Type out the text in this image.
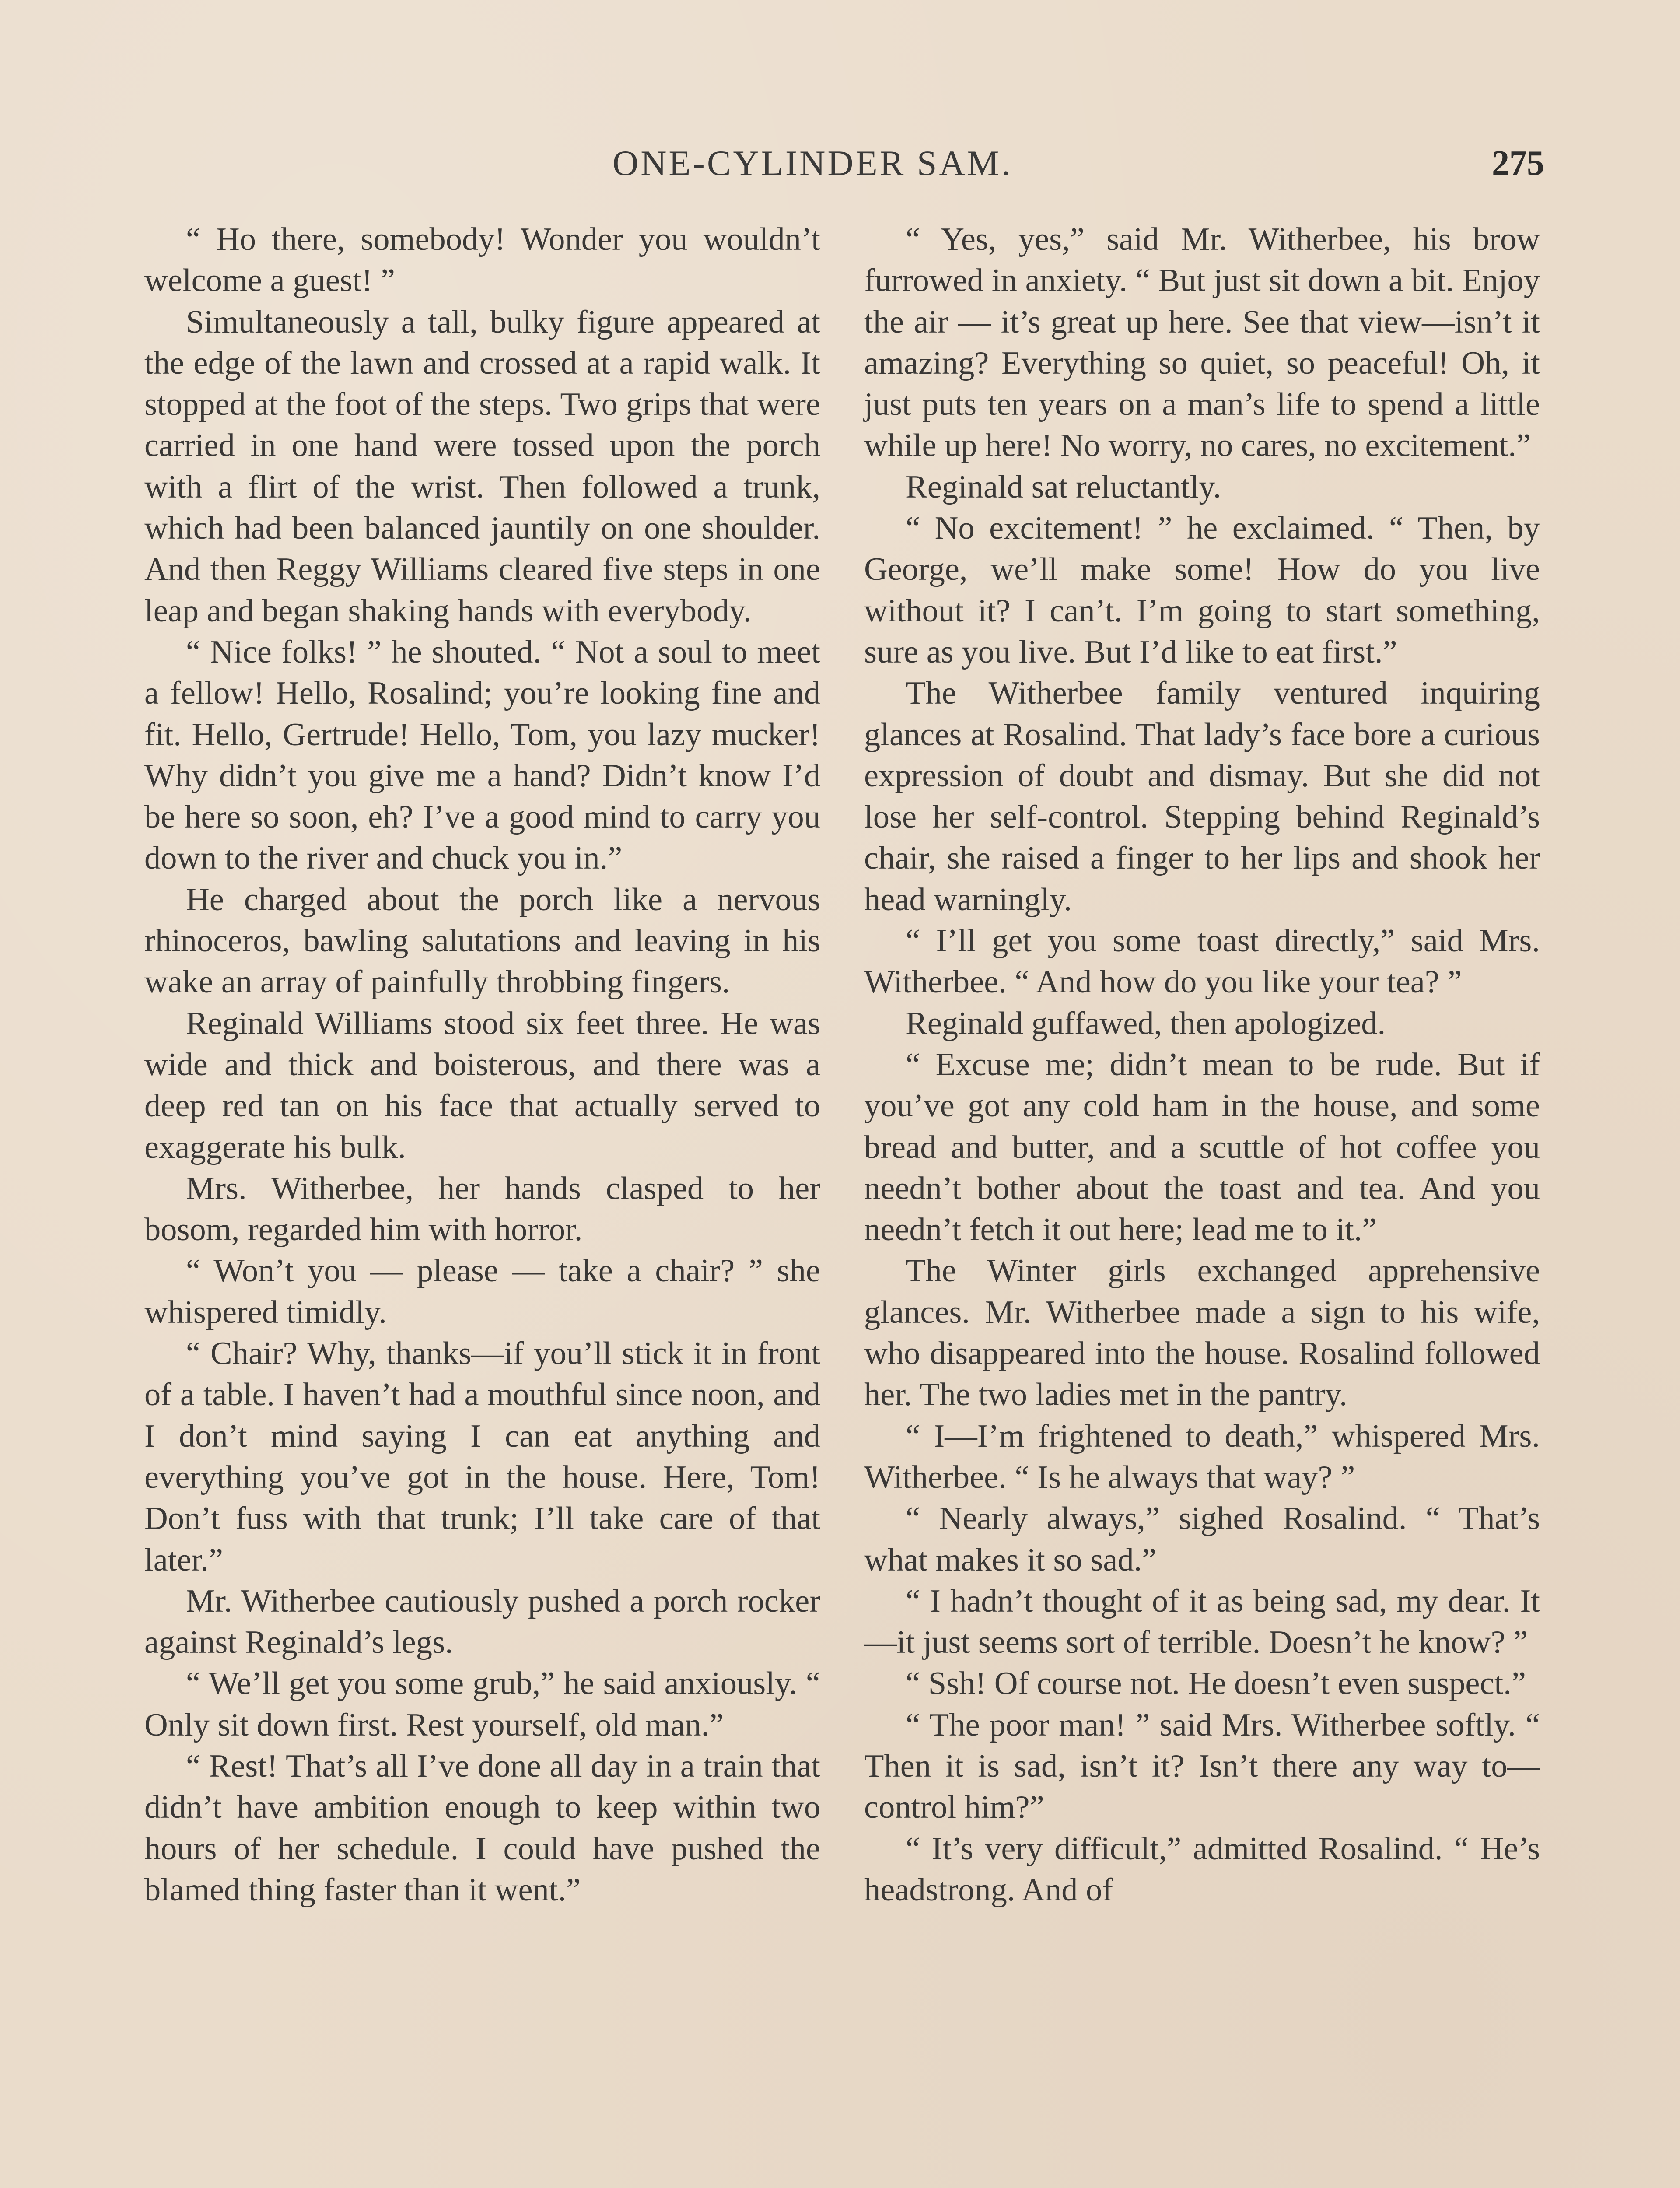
ONE-CYLINDER SAM.	275

“ Ho there, somebody! Wonder you wouldn’t welcome a guest! ”

Simultaneously a tall, bulky figure appeared at the edge of the lawn and crossed at a rapid walk. It stopped at the foot of the steps. Two grips that were carried in one hand were tossed upon the porch with a flirt of the wrist. Then followed a trunk, which had been balanced jauntily on one shoulder. And then Reggy Williams cleared five steps in one leap and began shaking hands with everybody.

“ Nice folks! ” he shouted. “ Not a soul to meet a fellow! Hello, Rosalind; you’re looking fine and fit. Hello, Gertrude! Hello, Tom, you lazy mucker! Why didn’t you give me a hand? Didn’t know I’d be here so soon, eh? I’ve a good mind to carry you down to the river and chuck you in.”

He charged about the porch like a nervous rhinoceros, bawling salutations and leaving in his wake an array of painfully throbbing fingers.

Reginald Williams stood six feet three. He was wide and thick and boisterous, and there was a deep red tan on his face that actually served to exaggerate his bulk.

Mrs. Witherbee, her hands clasped to her bosom, regarded him with horror.

“ Won’t you — please — take a chair? ” she whispered timidly.

“ Chair? Why, thanks—if you’ll stick it in front of a table. I haven’t had a mouthful since noon, and I don’t mind saying I can eat anything and everything you’ve got in the house. Here, Tom! Don’t fuss with that trunk; I’ll take care of that later.”

Mr. Witherbee cautiously pushed a porch rocker against Reginald’s legs.

“ We’ll get you some grub,” he said anxiously. “ Only sit down first. Rest yourself, old man.”

“ Rest! That’s all I’ve done all day in a train that didn’t have ambition enough to keep within two hours of her schedule. I could have pushed the blamed thing faster than it went.”

“ Yes, yes,” said Mr. Witherbee, his brow furrowed in anxiety. “ But just sit down a bit. Enjoy the air — it’s great up here. See that view—isn’t it amazing? Everything so quiet, so peaceful! Oh, it just puts ten years on a man’s life to spend a little while up here! No worry, no cares, no excitement.”

Reginald sat reluctantly.

“ No excitement! ” he exclaimed. “ Then, by George, we’ll make some! How do you live without it? I can’t. I’m going to start something, sure as you live. But I’d like to eat first.”

The Witherbee family ventured inquiring glances at Rosalind. That lady’s face bore a curious expression of doubt and dismay. But she did not lose her self-control. Stepping behind Reginald’s chair, she raised a finger to her lips and shook her head warningly.

“ I’ll get you some toast directly,” said Mrs. Witherbee. “ And how do you like your tea? ”

Reginald guffawed, then apologized.

“ Excuse me; didn’t mean to be rude. But if you’ve got any cold ham in the house, and some bread and butter, and a scuttle of hot coffee you needn’t bother about the toast and tea. And you needn’t fetch it out here; lead me to it.”

The Winter girls exchanged apprehensive glances. Mr. Witherbee made a sign to his wife, who disappeared into the house. Rosalind followed her. The two ladies met in the pantry.

“ I—I’m frightened to death,” whispered Mrs. Witherbee. “ Is he always that way? ”

“ Nearly always,” sighed Rosalind. “ That’s what makes it so sad.”

“ I hadn’t thought of it as being sad, my dear. It—it just seems sort of terrible. Doesn’t he know? ”

“ Ssh! Of course not. He doesn’t even suspect.”

“ The poor man! ” said Mrs. Witherbee softly. “ Then it is sad, isn’t it? Isn’t there any way to—control him?”

“ It’s very difficult,” admitted Rosalind. “ He’s headstrong. And of
